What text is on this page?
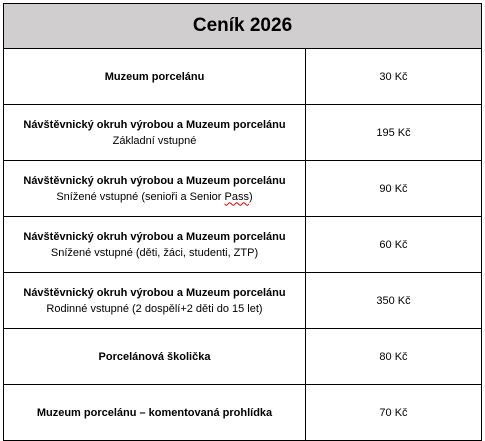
Ceník 2026	

Muzeum porcelánu	30 Kč

Návštěvnický okruh výrobou a Muzeum porcelánu
Základní vstupné	195 Kč

Návštěvnický okruh výrobou a Muzeum porcelánu
Snížené vstupné (senioři a Senior Pass)	90 Kč

Návštěvnický okruh výrobou a Muzeum porcelánu
Snížené vstupné (děti, žáci, studenti, ZTP)	60 Kč

Návštěvnický okruh výrobou a Muzeum porcelánu
Rodinné vstupné (2 dospělí+2 děti do 15 let)	350 Kč

Porcelánová školička	80 Kč

Muzeum porcelánu – komentovaná prohlídka	70 Kč
